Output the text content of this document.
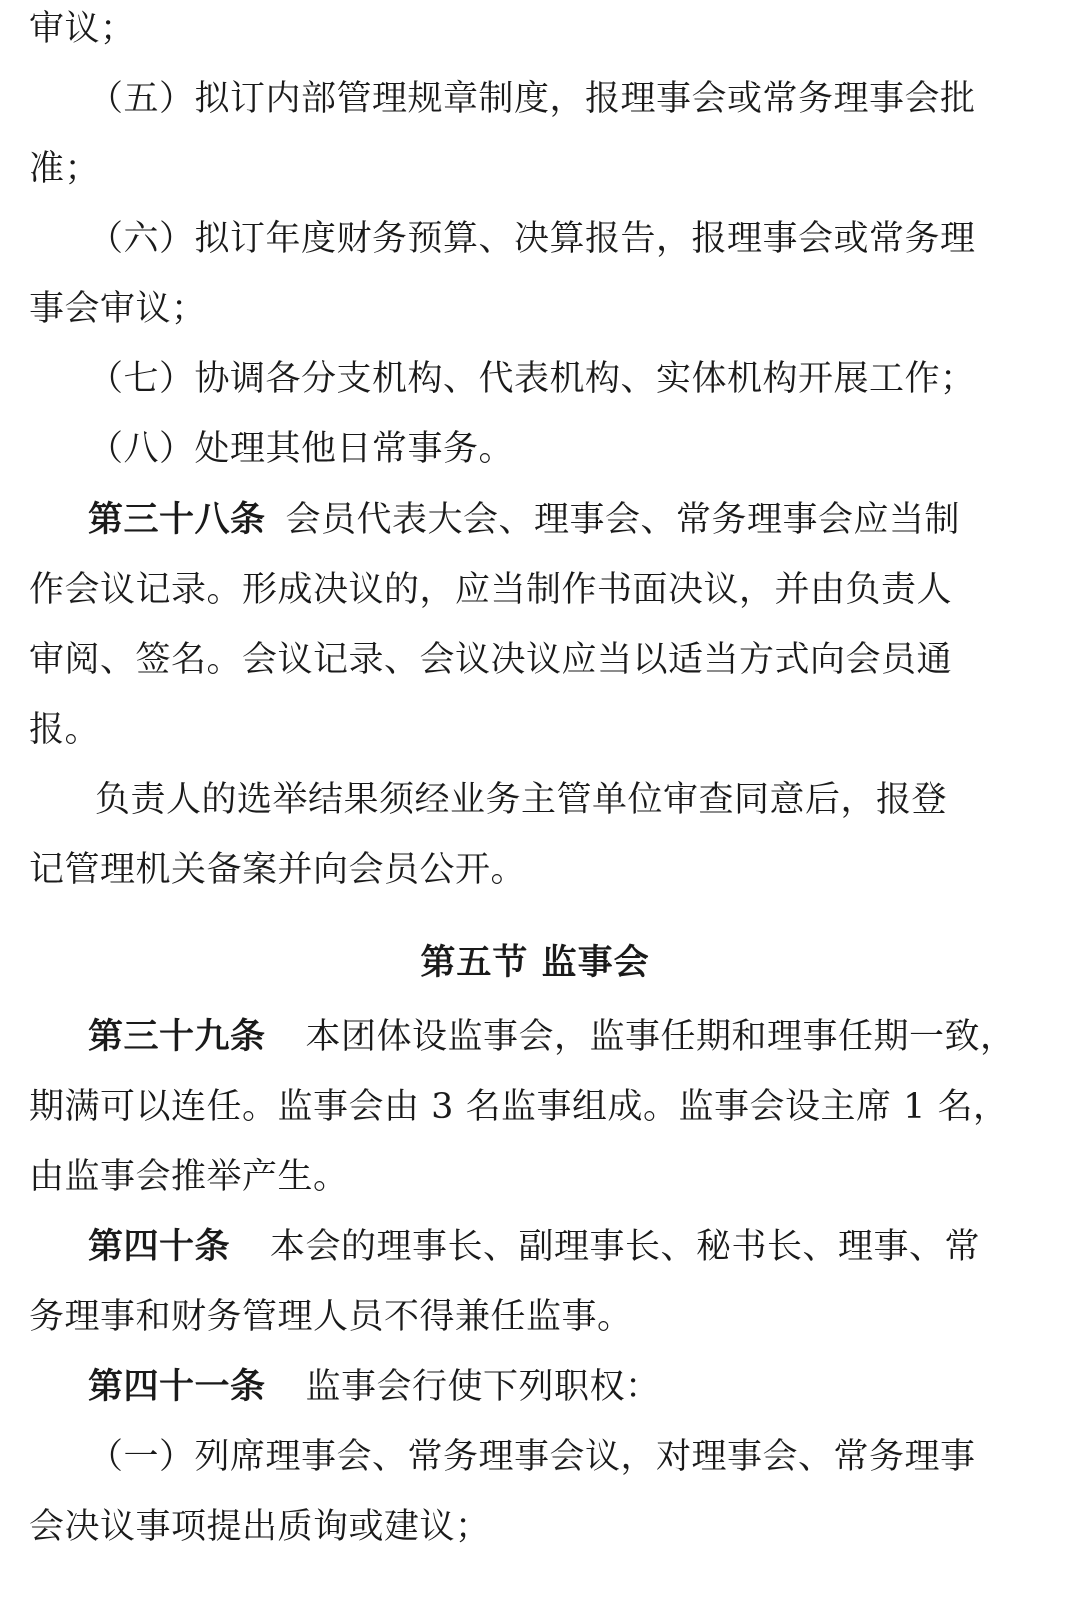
审议；

（五）拟订内部管理规章制度，报理事会或常务理事会批

准；

（六）拟订年度财务预算、决算报告，报理事会或常务理

事会审议；

（七）协调各分支机构、代表机构、实体机构开展工作；

（八）处理其他日常事务。

第三十八条 会员代表大会、理事会、常务理事会应当制

作会议记录。形成决议的，应当制作书面决议，并由负责人

审阅、签名。会议记录、会议决议应当以适当方式向会员通

报。

负责人的选举结果须经业务主管单位审查同意后，报登

记管理机关备案并向会员公开。

第五节 监事会

第三十九条 本团体设监事会，监事任期和理事任期一致，

期满可以连任。监事会由 3 名监事组成。监事会设主席 1 名，

由监事会推举产生。

第四十条 本会的理事长、副理事长、秘书长、理事、常

务理事和财务管理人员不得兼任监事。

第四十一条 监事会行使下列职权：

（一）列席理事会、常务理事会议，对理事会、常务理事

会决议事项提出质询或建议；
